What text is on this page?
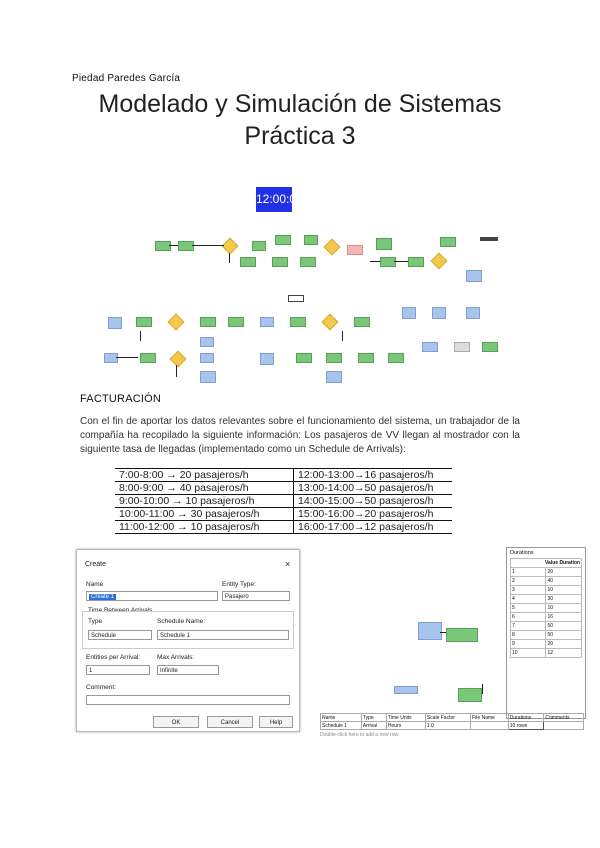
Piedad Paredes García
Modelado y Simulación de Sistemas
Práctica 3
12:00:00
FACTURACIÓN
Con el fin de aportar los datos relevantes sobre el funcionamiento del sistema, un trabajador de la compañía ha recopilado la siguiente información: Los pasajeros de VV llegan al mostrador con la siguiente tasa de llegadas (implementado como un Schedule de Arrivals):
7:00-8:00 → 20 pasajeros/h	12:00-13:00→16 pasajeros/h
8:00-9:00 → 40 pasajeros/h	13:00-14:00→50 pasajeros/h
9:00-10:00 → 10 pasajeros/h	14:00-15:00→50 pasajeros/h
10:00-11:00 → 30 pasajeros/h	15:00-16:00→20 pasajeros/h
11:00-12:00 → 10 pasajeros/h	16:00-17:00→12 pasajeros/h
Create	×
Name
Create 1
Entity Type:
Pasajero
Time Between Arrivals
Type
Schedule
Schedule Name:
Schedule 1
Entities per Arrival:
1
Max Arrivals:
Infinite
Comment:
OK	Cancel	Help
Durations
Value Duration	
1	20
2	40
3	10
4	30
5	10
6	16
7	50
8	50
9	20
10	12
Name	Type	Time Units	Scale Factor	File Name	Durations	Comments
Schedule 1	Arrival	Hours	1.0		10 rows	
Double-click here to add a new row.
